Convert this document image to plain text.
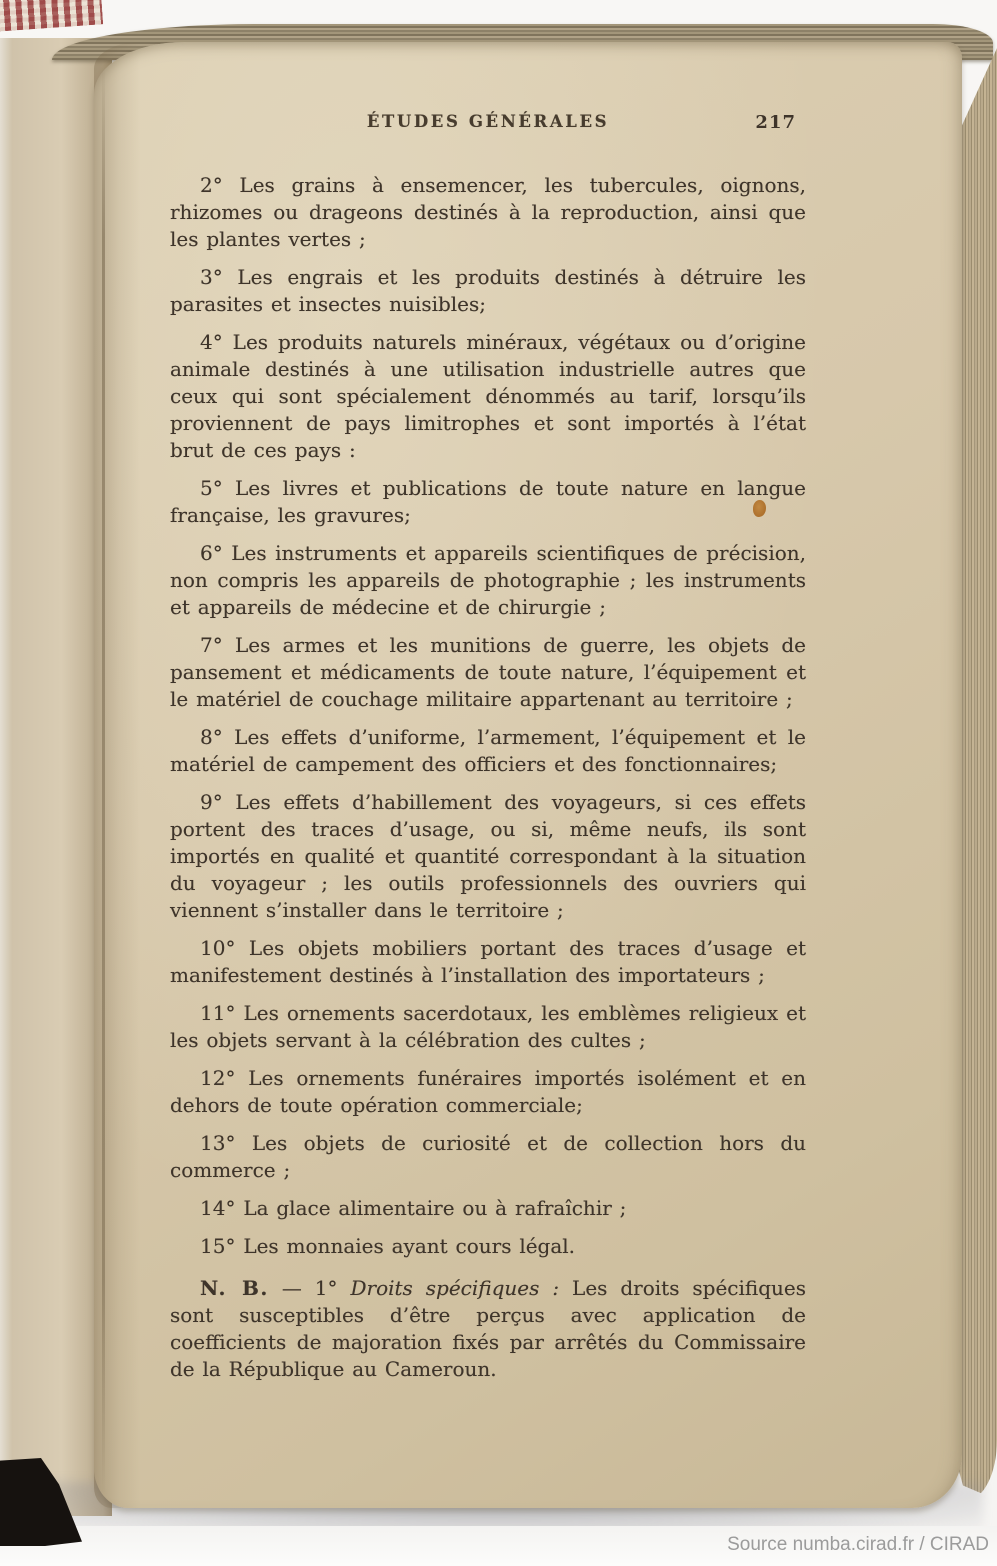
ÉTUDES GÉNÉRALES	217

2° Les grains à ensemencer, les tubercules, oignons, rhizomes ou drageons destinés à la reproduction, ainsi que les plantes vertes ;

3° Les engrais et les produits destinés à détruire les parasites et insectes nuisibles;

4° Les produits naturels minéraux, végétaux ou d’origine animale destinés à une utilisation industrielle autres que ceux qui sont spécialement dénommés au tarif, lorsqu’ils proviennent de pays limitrophes et sont importés à l’état brut de ces pays :

5° Les livres et publications de toute nature en langue française, les gravures;

6° Les instruments et appareils scientifiques de précision, non compris les appareils de photographie ; les instruments et appareils de médecine et de chirurgie ;

7° Les armes et les munitions de guerre, les objets de pansement et médicaments de toute nature, l’équipement et le matériel de couchage militaire appartenant au territoire ;

8° Les effets d’uniforme, l’armement, l’équipement et le matériel de campement des officiers et des fonctionnaires;

9° Les effets d’habillement des voyageurs, si ces effets portent des traces d’usage, ou si, même neufs, ils sont importés en qualité et quantité correspondant à la situation du voyageur ; les outils professionnels des ouvriers qui viennent s’installer dans le territoire ;

10° Les objets mobiliers portant des traces d’usage et manifestement destinés à l’installation des importateurs ;

11° Les ornements sacerdotaux, les emblèmes religieux et les objets servant à la célébration des cultes ;

12° Les ornements funéraires importés isolément et en dehors de toute opération commerciale;

13° Les objets de curiosité et de collection hors du commerce ;

14° La glace alimentaire ou à rafraîchir ;

15° Les monnaies ayant cours légal.

N. B. — 1° Droits spécifiques : Les droits spécifiques sont susceptibles d’être perçus avec application de coefficients de majoration fixés par arrêtés du Commissaire de la République au Cameroun.

Source numba.cirad.fr / CIRAD
